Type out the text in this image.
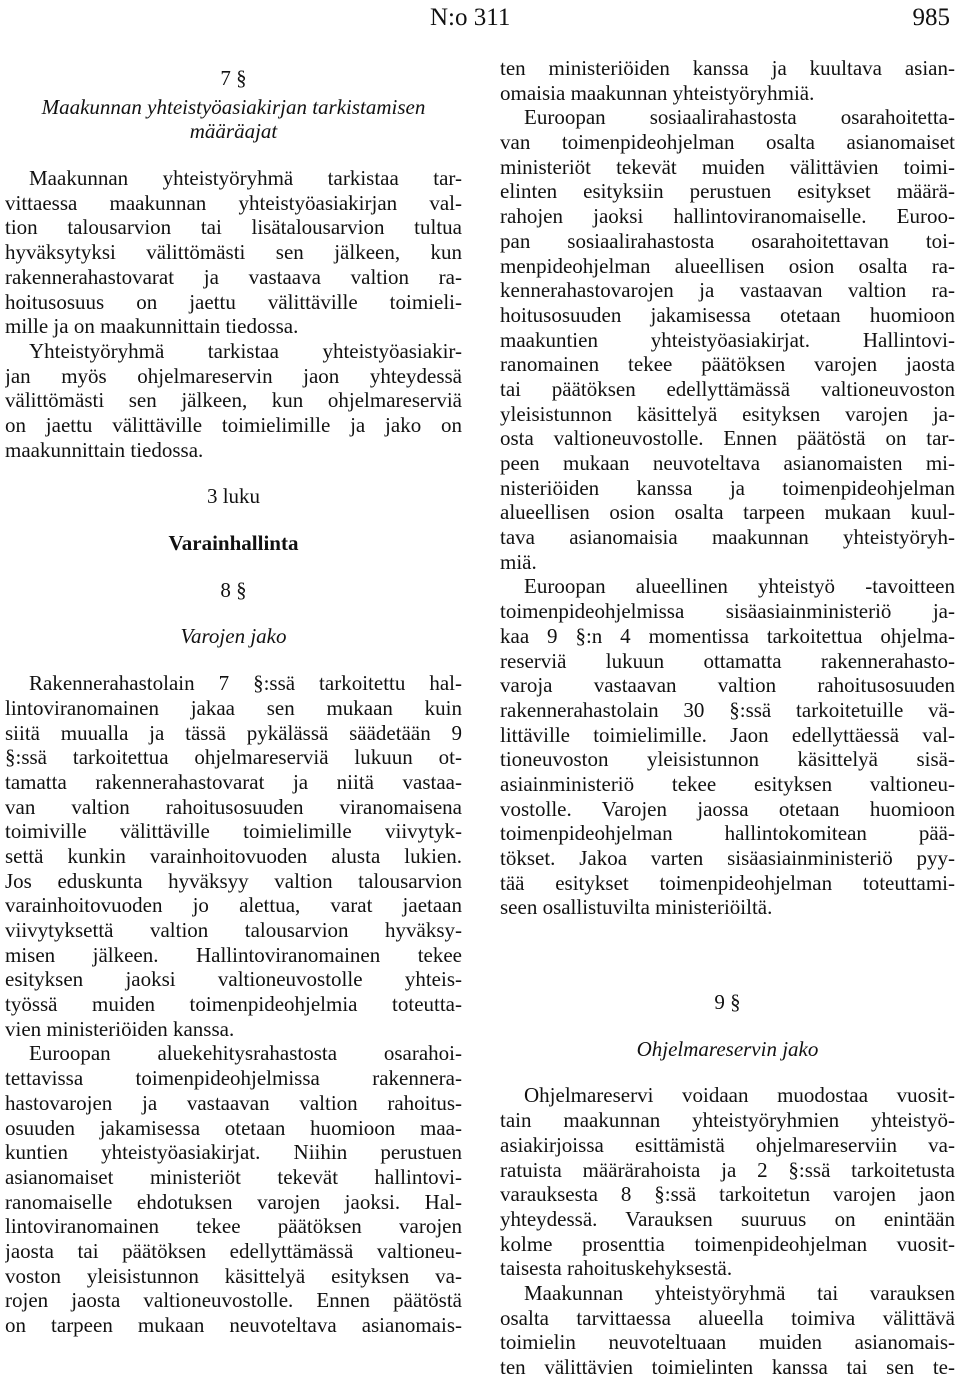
N:o 311	985
7 §
Maakunnan yhteistyöasiakirjan tarkistamisen
määräajat
Maakunnan yhteistyöryhmä tarkistaa tar-
vittaessa maakunnan yhteistyöasiakirjan val-
tion talousarvion tai lisätalousarvion tultua
hyväksytyksi välittömästi sen jälkeen, kun
rakennerahastovarat ja vastaava valtion ra-
hoitusosuus on jaettu välittäville toimieli-
mille ja on maakunnittain tiedossa.
Yhteistyöryhmä tarkistaa yhteistyöasiakir-
jan myös ohjelmareservin jaon yhteydessä
välittömästi sen jälkeen, kun ohjelmareserviä
on jaettu välittäville toimielimille ja jako on
maakunnittain tiedossa.
3 luku
Varainhallinta
8 §
Varojen jako
Rakennerahastolain 7 §:ssä tarkoitettu hal-
lintoviranomainen jakaa sen mukaan kuin
siitä muualla ja tässä pykälässä säädetään 9
§:ssä tarkoitettua ohjelmareserviä lukuun ot-
tamatta rakennerahastovarat ja niitä vastaa-
van valtion rahoitusosuuden viranomaisena
toimiville välittäville toimielimille viivytyk-
settä kunkin varainhoitovuoden alusta lukien.
Jos eduskunta hyväksyy valtion talousarvion
varainhoitovuoden jo alettua, varat jaetaan
viivytyksettä valtion talousarvion hyväksy-
misen jälkeen. Hallintoviranomainen tekee
esityksen jaoksi valtioneuvostolle yhteis-
työssä muiden toimenpideohjelmia toteutta-
vien ministeriöiden kanssa.
Euroopan aluekehitysrahastosta osarahoi-
tettavissa toimenpideohjelmissa rakennera-
hastovarojen ja vastaavan valtion rahoitus-
osuuden jakamisessa otetaan huomioon maa-
kuntien yhteistyöasiakirjat. Niihin perustuen
asianomaiset ministeriöt tekevät hallintovi-
ranomaiselle ehdotuksen varojen jaoksi. Hal-
lintoviranomainen tekee päätöksen varojen
jaosta tai päätöksen edellyttämässä valtioneu-
voston yleisistunnon käsittelyä esityksen va-
rojen jaosta valtioneuvostolle. Ennen päätöstä
on tarpeen mukaan neuvoteltava asianomais-
ten ministeriöiden kanssa ja kuultava asian-
omaisia maakunnan yhteistyöryhmiä.
Euroopan sosiaalirahastosta osarahoitetta-
van toimenpideohjelman osalta asianomaiset
ministeriöt tekevät muiden välittävien toimi-
elinten esityksiin perustuen esitykset määrä-
rahojen jaoksi hallintoviranomaiselle. Euroo-
pan sosiaalirahastosta osarahoitettavan toi-
menpideohjelman alueellisen osion osalta ra-
kennerahastovarojen ja vastaavan valtion ra-
hoitusosuuden jakamisessa otetaan huomioon
maakuntien yhteistyöasiakirjat. Hallintovi-
ranomainen tekee päätöksen varojen jaosta
tai päätöksen edellyttämässä valtioneuvoston
yleisistunnon käsittelyä esityksen varojen ja-
osta valtioneuvostolle. Ennen päätöstä on tar-
peen mukaan neuvoteltava asianomaisten mi-
nisteriöiden kanssa ja toimenpideohjelman
alueellisen osion osalta tarpeen mukaan kuul-
tava asianomaisia maakunnan yhteistyöryh-
miä.
Euroopan alueellinen yhteistyö -tavoitteen
toimenpideohjelmissa sisäasiainministeriö ja-
kaa 9 §:n 4 momentissa tarkoitettua ohjelma-
reserviä lukuun ottamatta rakennerahasto-
varoja vastaavan valtion rahoitusosuuden
rakennerahastolain 30 §:ssä tarkoitetuille vä-
littäville toimielimille. Jaon edellyttäessä val-
tioneuvoston yleisistunnon käsittelyä sisä-
asiainministeriö tekee esityksen valtioneu-
vostolle. Varojen jaossa otetaan huomioon
toimenpideohjelman hallintokomitean pää-
tökset. Jakoa varten sisäasiainministeriö pyy-
tää esitykset toimenpideohjelman toteuttami-
seen osallistuvilta ministeriöiltä.
9 §
Ohjelmareservin jako
Ohjelmareservi voidaan muodostaa vuosit-
tain maakunnan yhteistyöryhmien yhteistyö-
asiakirjoissa esittämistä ohjelmareserviin va-
ratuista määrärahoista ja 2 §:ssä tarkoitetusta
varauksesta 8 §:ssä tarkoitetun varojen jaon
yhteydessä. Varauksen suuruus on enintään
kolme prosenttia toimenpideohjelman vuosit-
taisesta rahoituskehyksestä.
Maakunnan yhteistyöryhmä tai varauksen
osalta tarvittaessa alueella toimiva välittävä
toimielin neuvoteltuaan muiden asianomais-
ten välittävien toimielinten kanssa tai sen te-
